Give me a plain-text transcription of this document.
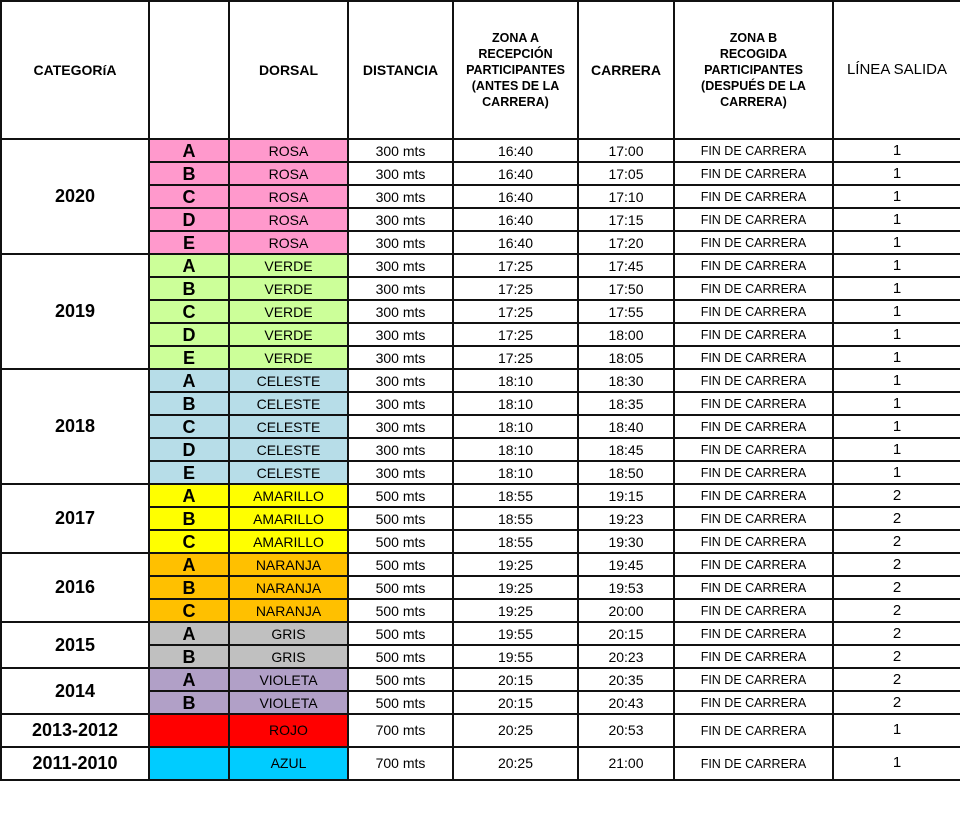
CATEGORíA		DORSAL	DISTANCIA	ZONA A
RECEPCIÓN
PARTICIPANTES
(ANTES DE LA
CARRERA)	CARRERA	ZONA B
RECOGIDA
PARTICIPANTES
(DESPUÉS DE LA
CARRERA)	LÍNEA SALIDA
2020	A	ROSA	300 mts	16:40	17:00	FIN DE CARRERA	1
	B	ROSA	300 mts	16:40	17:05	FIN DE CARRERA	1
	C	ROSA	300 mts	16:40	17:10	FIN DE CARRERA	1
	D	ROSA	300 mts	16:40	17:15	FIN DE CARRERA	1
	E	ROSA	300 mts	16:40	17:20	FIN DE CARRERA	1
2019	A	VERDE	300 mts	17:25	17:45	FIN DE CARRERA	1
	B	VERDE	300 mts	17:25	17:50	FIN DE CARRERA	1
	C	VERDE	300 mts	17:25	17:55	FIN DE CARRERA	1
	D	VERDE	300 mts	17:25	18:00	FIN DE CARRERA	1
	E	VERDE	300 mts	17:25	18:05	FIN DE CARRERA	1
2018	A	CELESTE	300 mts	18:10	18:30	FIN DE CARRERA	1
	B	CELESTE	300 mts	18:10	18:35	FIN DE CARRERA	1
	C	CELESTE	300 mts	18:10	18:40	FIN DE CARRERA	1
	D	CELESTE	300 mts	18:10	18:45	FIN DE CARRERA	1
	E	CELESTE	300 mts	18:10	18:50	FIN DE CARRERA	1
2017	A	AMARILLO	500 mts	18:55	19:15	FIN DE CARRERA	2
	B	AMARILLO	500 mts	18:55	19:23	FIN DE CARRERA	2
	C	AMARILLO	500 mts	18:55	19:30	FIN DE CARRERA	2
2016	A	NARANJA	500 mts	19:25	19:45	FIN DE CARRERA	2
	B	NARANJA	500 mts	19:25	19:53	FIN DE CARRERA	2
	C	NARANJA	500 mts	19:25	20:00	FIN DE CARRERA	2
2015	A	GRIS	500 mts	19:55	20:15	FIN DE CARRERA	2
	B	GRIS	500 mts	19:55	20:23	FIN DE CARRERA	2
2014	A	VIOLETA	500 mts	20:15	20:35	FIN DE CARRERA	2
	B	VIOLETA	500 mts	20:15	20:43	FIN DE CARRERA	2
2013-2012		ROJO	700 mts	20:25	20:53	FIN DE CARRERA	1
2011-2010		AZUL	700 mts	20:25	21:00	FIN DE CARRERA	1
